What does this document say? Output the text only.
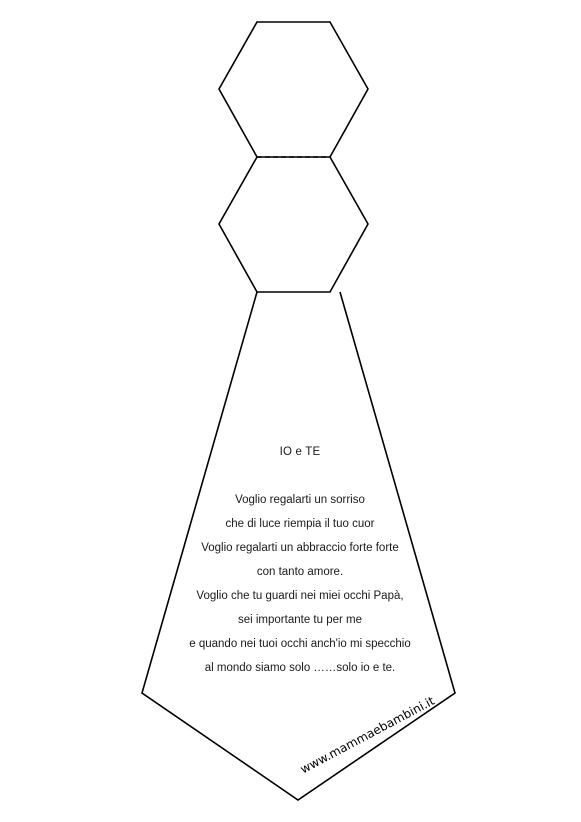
IO e TE
Voglio regalarti un sorriso
che di luce riempia il tuo cuor
Voglio regalarti un abbraccio forte forte
con tanto amore.
Voglio che tu guardi nei miei occhi Papà,
sei importante tu per me
e quando nei tuoi occhi anch'io mi specchio
al mondo siamo solo ……solo io e te.
www.mammaebambini.it
